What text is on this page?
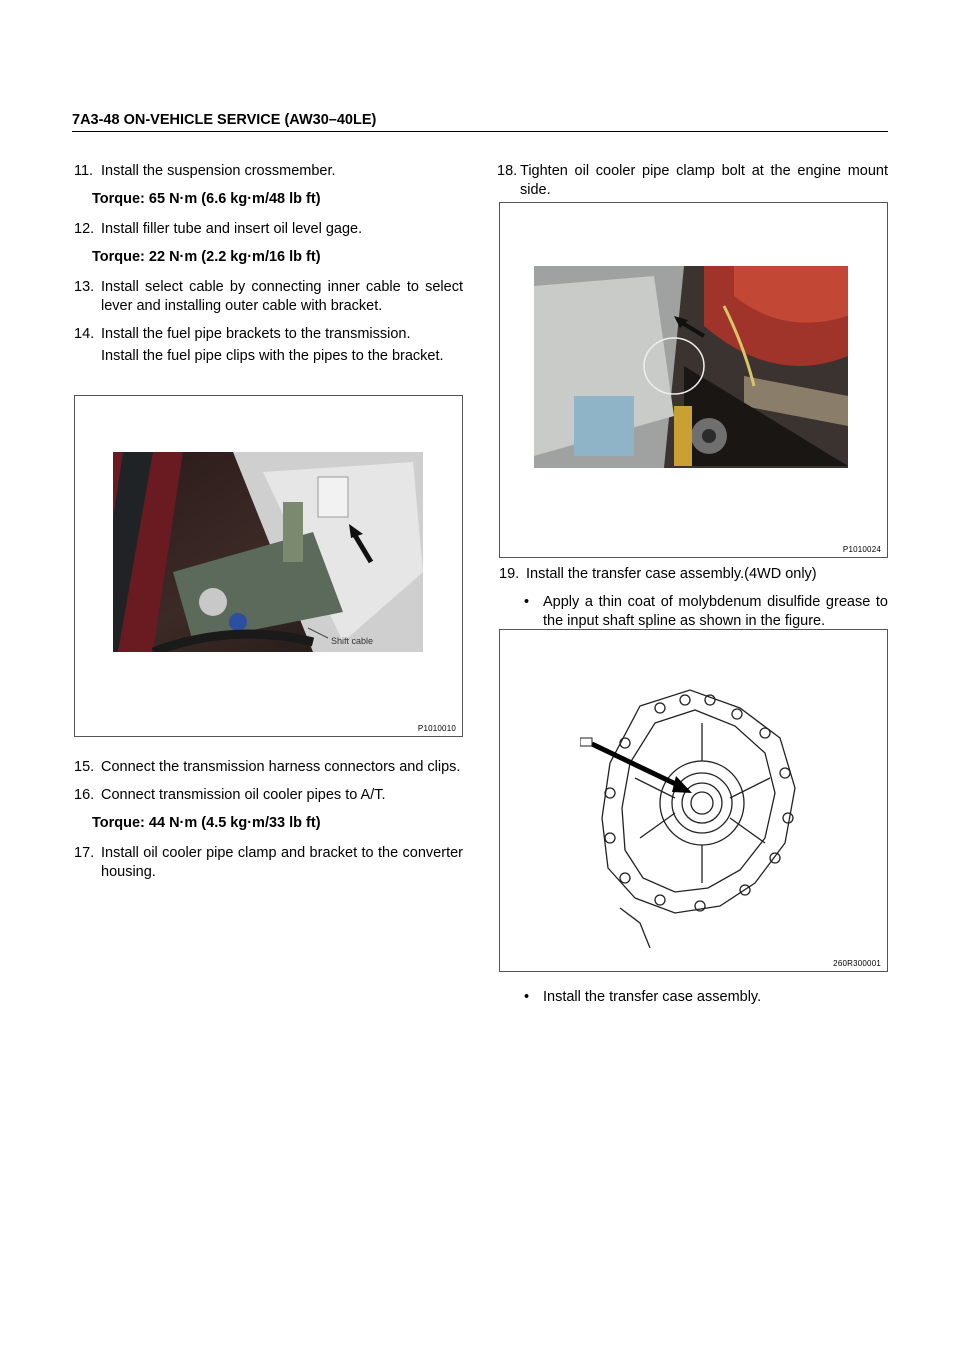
7A3-48 ON-VEHICLE SERVICE (AW30–40LE)
11. Install the suspension crossmember.
Torque: 65 N·m (6.6 kg·m/48 lb ft)
12. Install filler tube and insert oil level gage.
Torque: 22 N·m (2.2 kg·m/16 lb ft)
13. Install select cable by connecting inner cable to select lever and installing outer cable with bracket.
14. Install the fuel pipe brackets to the transmission.
Install the fuel pipe clips with the pipes to the bracket.
Shift cable
P1010010
15. Connect the transmission harness connectors and clips.
16. Connect transmission oil cooler pipes to A/T.
Torque: 44 N·m (4.5 kg·m/33 lb ft)
17. Install oil cooler pipe clamp and bracket to the converter housing.
18. Tighten oil cooler pipe clamp bolt at the engine mount side.
P1010024
19. Install the transfer case assembly.(4WD only)
• Apply a thin coat of molybdenum disulfide grease to the input shaft spline as shown in the figure.
260R300001
• Install the transfer case assembly.
